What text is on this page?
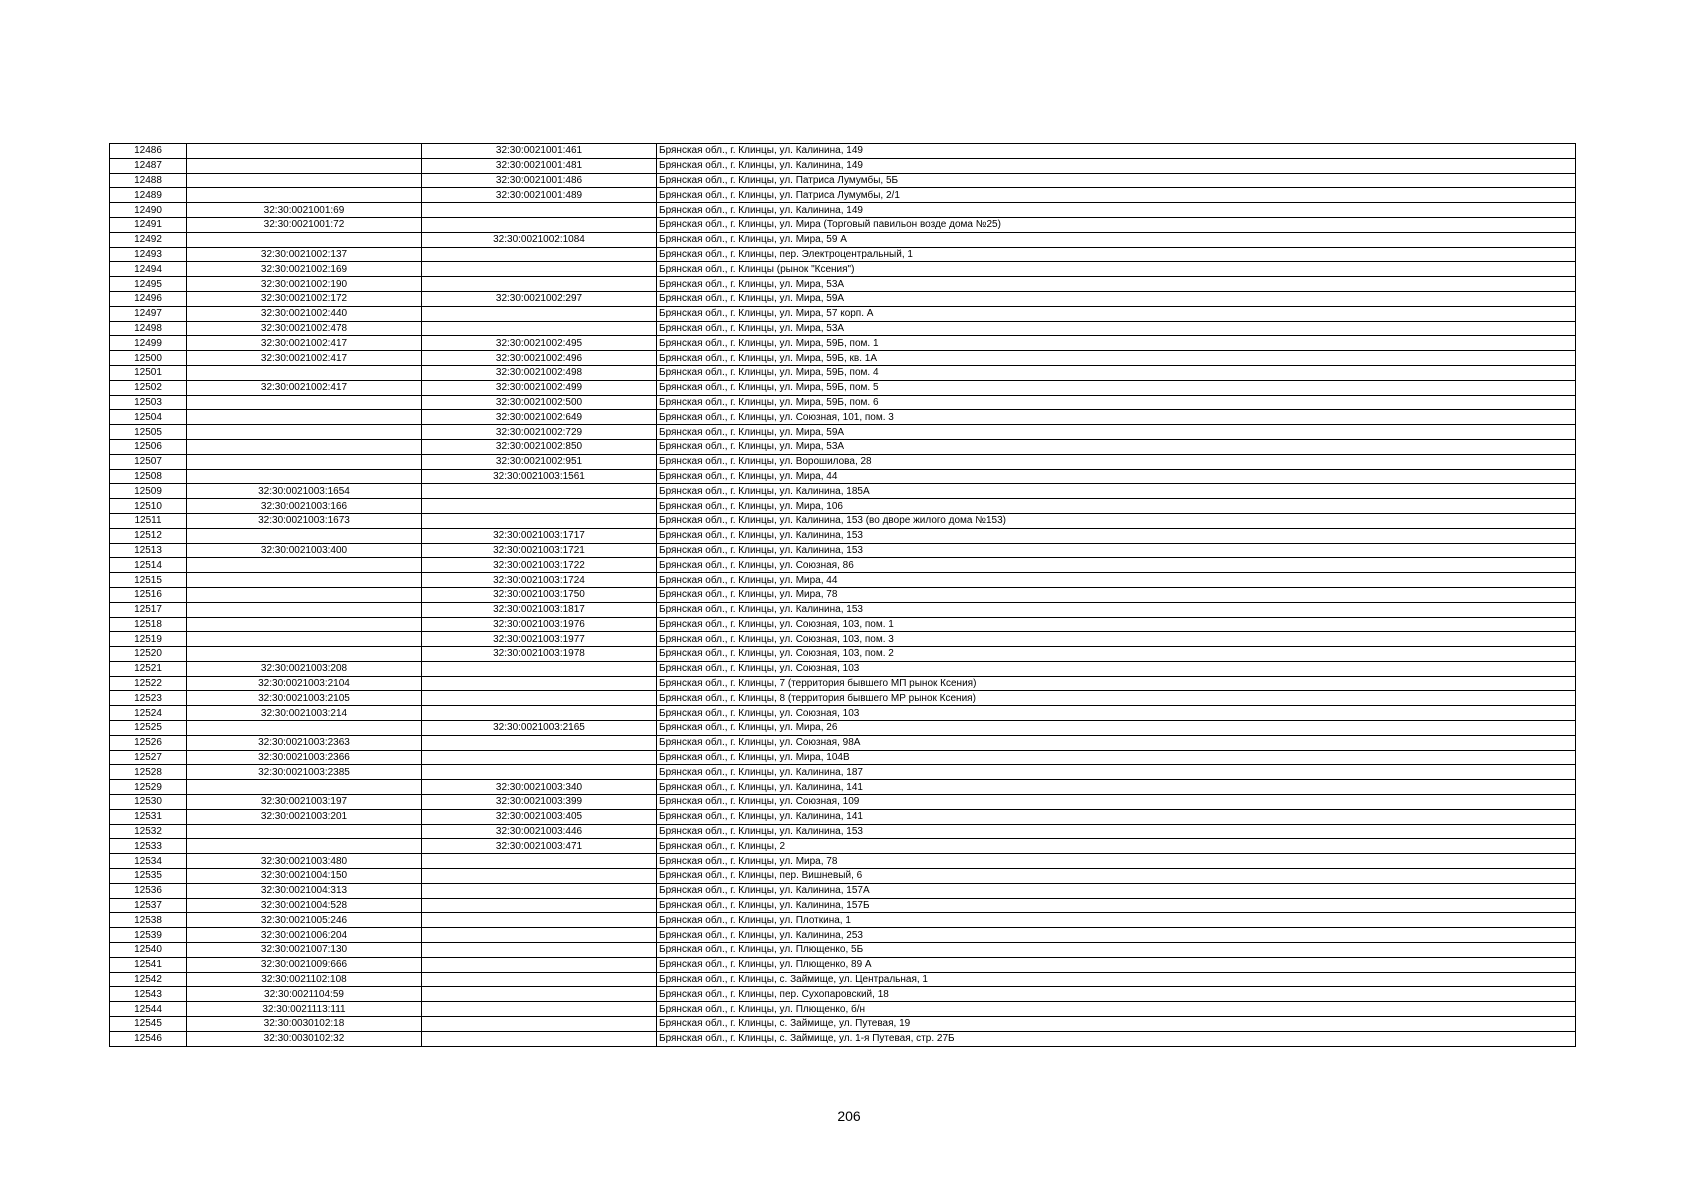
12486		32:30:0021001:461	Брянская обл., г. Клинцы, ул. Калинина, 149
12487		32:30:0021001:481	Брянская обл., г. Клинцы, ул. Калинина, 149
12488		32:30:0021001:486	Брянская обл., г. Клинцы, ул. Патриса Лумумбы, 5Б
12489		32:30:0021001:489	Брянская обл., г. Клинцы, ул. Патриса Лумумбы, 2/1
12490	32:30:0021001:69		Брянская обл., г. Клинцы, ул. Калинина, 149
12491	32:30:0021001:72		Брянская обл., г. Клинцы, ул. Мира (Торговый павильон возде дома №25)
12492		32:30:0021002:1084	Брянская обл., г. Клинцы, ул. Мира, 59 А
12493	32:30:0021002:137		Брянская обл., г. Клинцы, пер. Электроцентральный, 1
12494	32:30:0021002:169		Брянская обл., г. Клинцы (рынок "Ксения")
12495	32:30:0021002:190		Брянская обл., г. Клинцы, ул. Мира, 53А
12496	32:30:0021002:172	32:30:0021002:297	Брянская обл., г. Клинцы, ул. Мира, 59А
12497	32:30:0021002:440		Брянская обл., г. Клинцы, ул. Мира, 57 корп. А
12498	32:30:0021002:478		Брянская обл., г. Клинцы, ул. Мира, 53А
12499	32:30:0021002:417	32:30:0021002:495	Брянская обл., г. Клинцы, ул. Мира, 59Б, пом. 1
12500	32:30:0021002:417	32:30:0021002:496	Брянская обл., г. Клинцы, ул. Мира, 59Б, кв. 1А
12501		32:30:0021002:498	Брянская обл., г. Клинцы, ул. Мира, 59Б, пом. 4
12502	32:30:0021002:417	32:30:0021002:499	Брянская обл., г. Клинцы, ул. Мира, 59Б, пом. 5
12503		32:30:0021002:500	Брянская обл., г. Клинцы, ул. Мира, 59Б, пом. 6
12504		32:30:0021002:649	Брянская обл., г. Клинцы, ул. Союзная, 101, пом. 3
12505		32:30:0021002:729	Брянская обл., г. Клинцы, ул. Мира, 59А
12506		32:30:0021002:850	Брянская обл., г. Клинцы, ул. Мира, 53А
12507		32:30:0021002:951	Брянская обл., г. Клинцы, ул. Ворошилова, 28
12508		32:30:0021003:1561	Брянская обл., г. Клинцы, ул. Мира, 44
12509	32:30:0021003:1654		Брянская обл., г. Клинцы, ул. Калинина, 185А
12510	32:30:0021003:166		Брянская обл., г. Клинцы, ул. Мира, 106
12511	32:30:0021003:1673		Брянская обл., г. Клинцы, ул. Калинина, 153 (во дворе жилого дома №153)
12512		32:30:0021003:1717	Брянская обл., г. Клинцы, ул. Калинина, 153
12513	32:30:0021003:400	32:30:0021003:1721	Брянская обл., г. Клинцы, ул. Калинина, 153
12514		32:30:0021003:1722	Брянская обл., г. Клинцы, ул. Союзная, 86
12515		32:30:0021003:1724	Брянская обл., г. Клинцы, ул. Мира, 44
12516		32:30:0021003:1750	Брянская обл., г. Клинцы, ул. Мира, 78
12517		32:30:0021003:1817	Брянская обл., г. Клинцы, ул. Калинина, 153
12518		32:30:0021003:1976	Брянская обл., г. Клинцы, ул. Союзная, 103, пом. 1
12519		32:30:0021003:1977	Брянская обл., г. Клинцы, ул. Союзная, 103, пом. 3
12520		32:30:0021003:1978	Брянская обл., г. Клинцы, ул. Союзная, 103, пом. 2
12521	32:30:0021003:208		Брянская обл., г. Клинцы, ул. Союзная, 103
12522	32:30:0021003:2104		Брянская обл., г. Клинцы, 7 (территория бывшего МП рынок Ксения)
12523	32:30:0021003:2105		Брянская обл., г. Клинцы, 8 (территория бывшего МР рынок Ксения)
12524	32:30:0021003:214		Брянская обл., г. Клинцы, ул. Союзная, 103
12525		32:30:0021003:2165	Брянская обл., г. Клинцы, ул. Мира, 26
12526	32:30:0021003:2363		Брянская обл., г. Клинцы, ул. Союзная, 98А
12527	32:30:0021003:2366		Брянская обл., г. Клинцы, ул. Мира, 104В
12528	32:30:0021003:2385		Брянская обл., г. Клинцы, ул. Калинина, 187
12529		32:30:0021003:340	Брянская обл., г. Клинцы, ул. Калинина, 141
12530	32:30:0021003:197	32:30:0021003:399	Брянская обл., г. Клинцы, ул. Союзная, 109
12531	32:30:0021003:201	32:30:0021003:405	Брянская обл., г. Клинцы, ул. Калинина, 141
12532		32:30:0021003:446	Брянская обл., г. Клинцы, ул. Калинина, 153
12533		32:30:0021003:471	Брянская обл., г. Клинцы, 2
12534	32:30:0021003:480		Брянская обл., г. Клинцы, ул. Мира, 78
12535	32:30:0021004:150		Брянская обл., г. Клинцы, пер. Вишневый, 6
12536	32:30:0021004:313		Брянская обл., г. Клинцы, ул. Калинина, 157А
12537	32:30:0021004:528		Брянская обл., г. Клинцы, ул. Калинина, 157Б
12538	32:30:0021005:246		Брянская обл., г. Клинцы, ул. Плоткина, 1
12539	32:30:0021006:204		Брянская обл., г. Клинцы, ул. Калинина, 253
12540	32:30:0021007:130		Брянская обл., г. Клинцы, ул. Плющенко, 5Б
12541	32:30:0021009:666		Брянская обл., г. Клинцы, ул. Плющенко, 89 А
12542	32:30:0021102:108		Брянская обл., г. Клинцы, с. Займище, ул. Центральная, 1
12543	32:30:0021104:59		Брянская обл., г. Клинцы, пер. Сухопаровский, 18
12544	32:30:0021113:111		Брянская обл., г. Клинцы, ул. Плющенко, б/н
12545	32:30:0030102:18		Брянская обл., г. Клинцы, с. Займище, ул. Путевая, 19
12546	32:30:0030102:32		Брянская обл., г. Клинцы, с. Займище, ул. 1-я Путевая, стр. 27Б
206
